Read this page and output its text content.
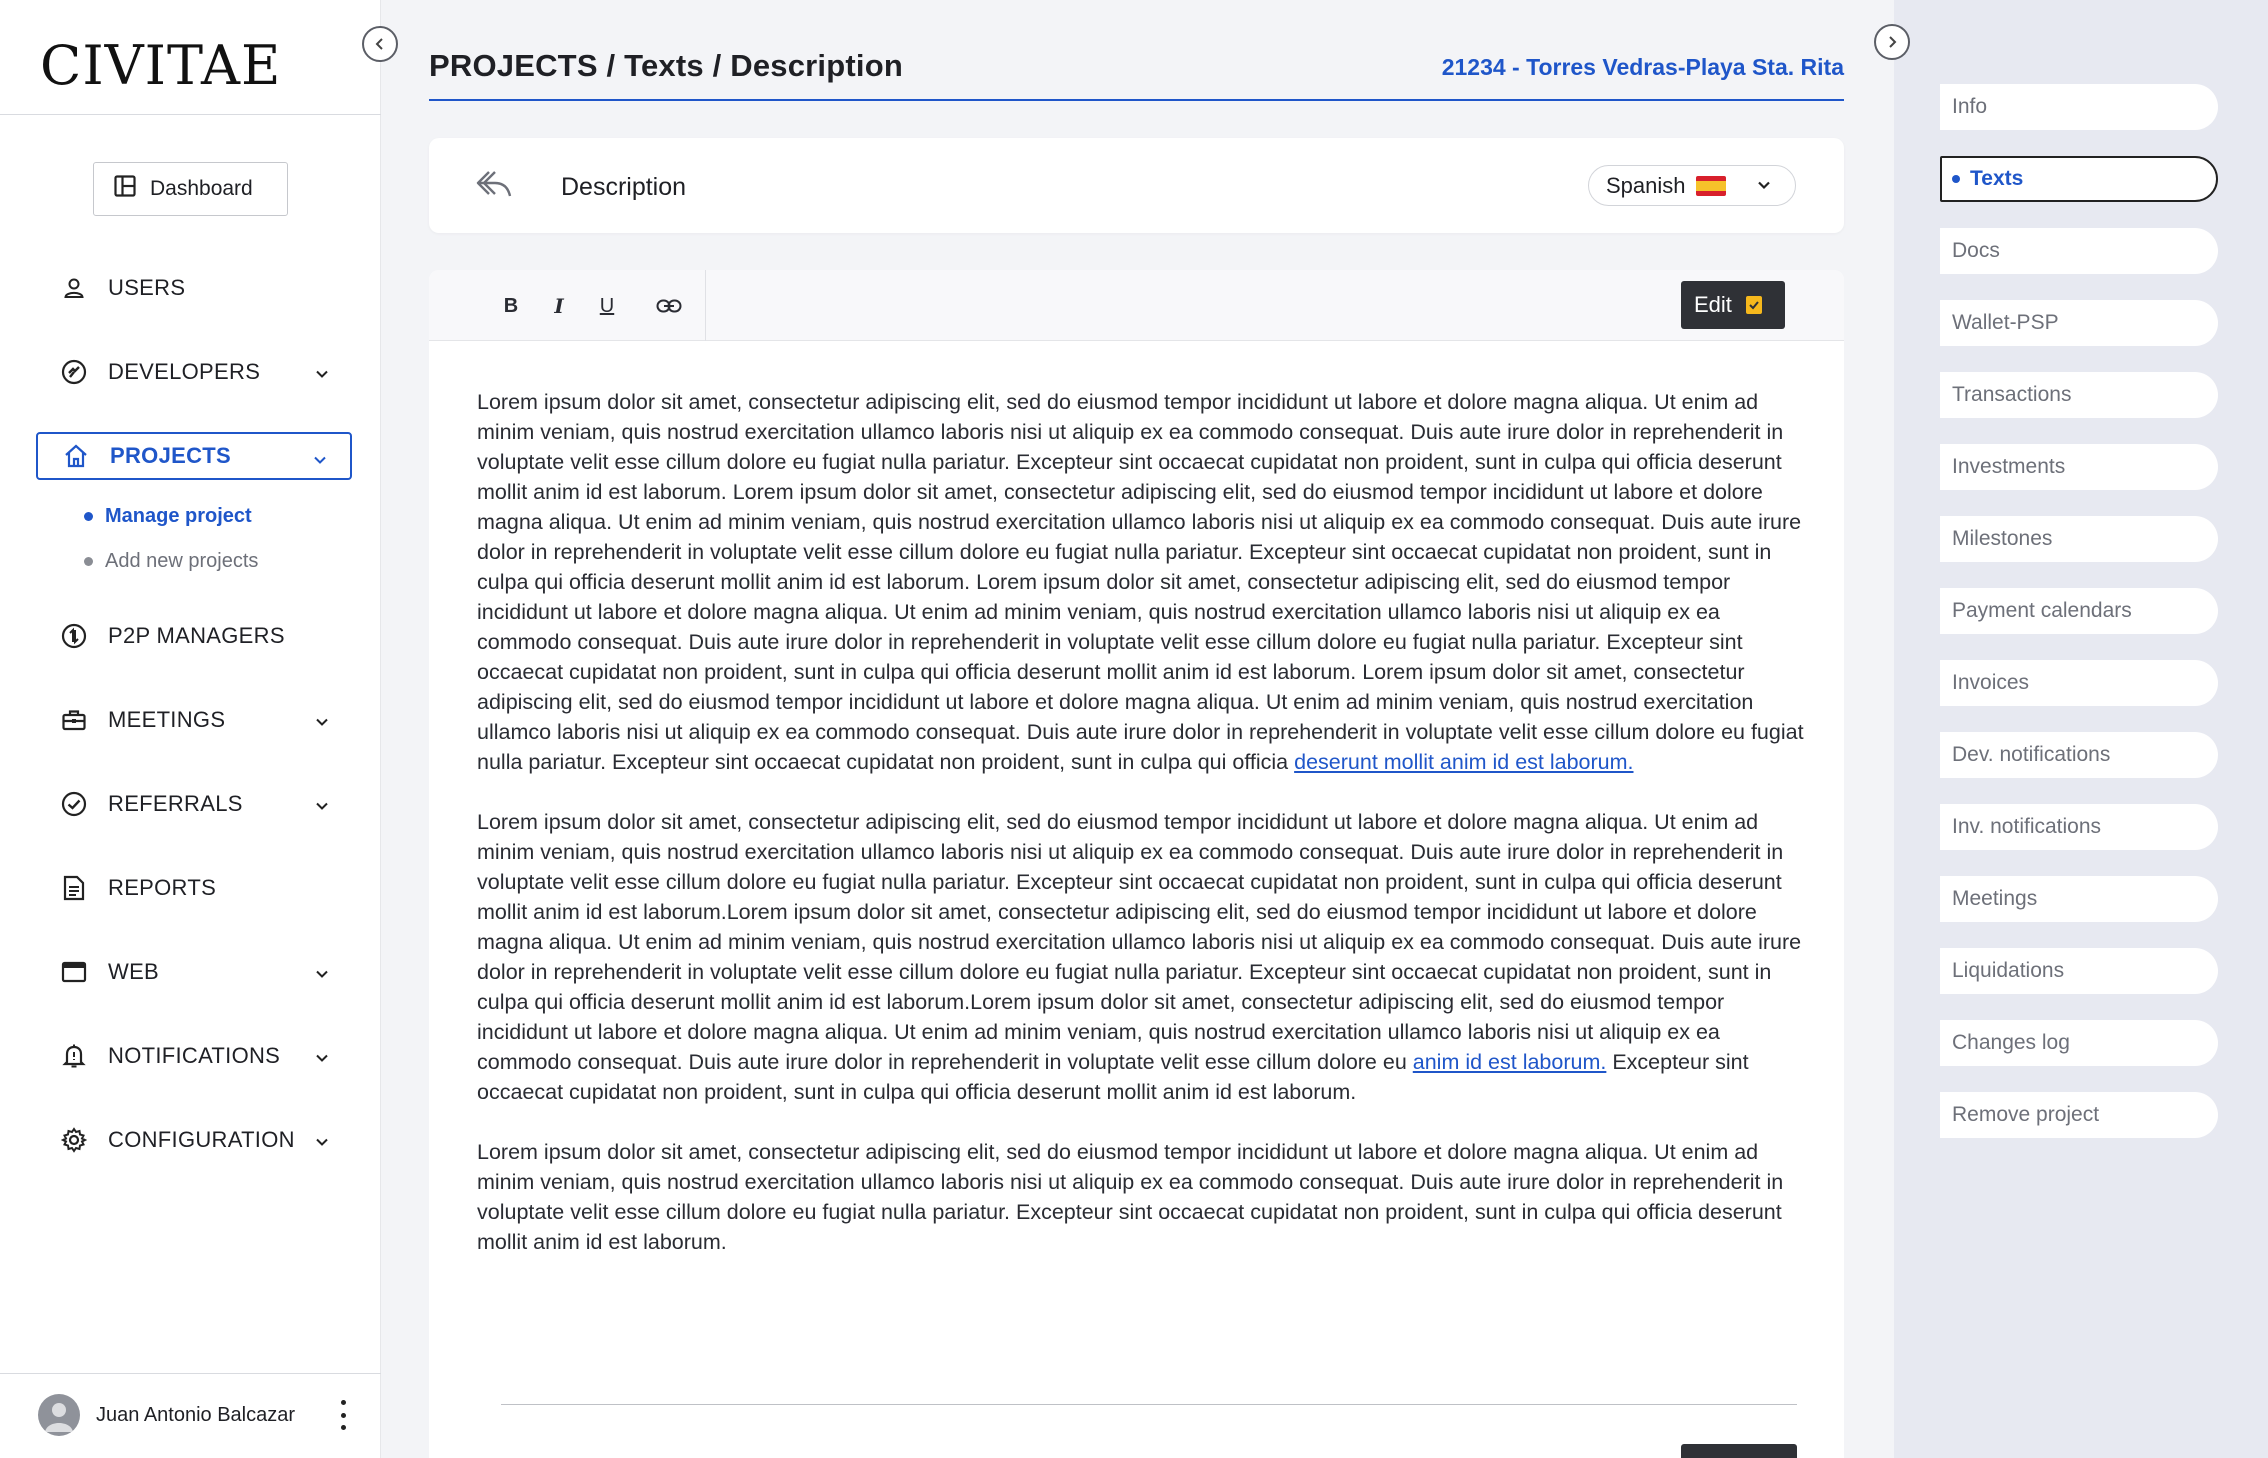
CIVITAE
Dashboard
USERS
DEVELOPERS
PROJECTS
Manage project
Add new projects
P2P MANAGERS
MEETINGS
REFERRALS
REPORTS
WEB
NOTIFICATIONS
CONFIGURATION
Juan Antonio Balcazar
PROJECTS / Texts / Description	21234 - Torres Vedras-Playa Sta. Rita
Description	Spanish
B I U	Edit

Lorem ipsum dolor sit amet, consectetur adipiscing elit, sed do eiusmod tempor incididunt ut labore et dolore magna aliqua. Ut enim ad minim veniam, quis nostrud exercitation ullamco laboris nisi ut aliquip ex ea commodo consequat. Duis aute irure dolor in reprehenderit in voluptate velit esse cillum dolore eu fugiat nulla pariatur. Excepteur sint occaecat cupidatat non proident, sunt in culpa qui officia deserunt mollit anim id est laborum. Lorem ipsum dolor sit amet, consectetur adipiscing elit, sed do eiusmod tempor incididunt ut labore et dolore magna aliqua. Ut enim ad minim veniam, quis nostrud exercitation ullamco laboris nisi ut aliquip ex ea commodo consequat. Duis aute irure dolor in reprehenderit in voluptate velit esse cillum dolore eu fugiat nulla pariatur. Excepteur sint occaecat cupidatat non proident, sunt in culpa qui officia deserunt mollit anim id est laborum. Lorem ipsum dolor sit amet, consectetur adipiscing elit, sed do eiusmod tempor incididunt ut labore et dolore magna aliqua. Ut enim ad minim veniam, quis nostrud exercitation ullamco laboris nisi ut aliquip ex ea commodo consequat. Duis aute irure dolor in reprehenderit in voluptate velit esse cillum dolore eu fugiat nulla pariatur. Excepteur sint occaecat cupidatat non proident, sunt in culpa qui officia deserunt mollit anim id est laborum. Lorem ipsum dolor sit amet, consectetur adipiscing elit, sed do eiusmod tempor incididunt ut labore et dolore magna aliqua. Ut enim ad minim veniam, quis nostrud exercitation ullamco laboris nisi ut aliquip ex ea commodo consequat. Duis aute irure dolor in reprehenderit in voluptate velit esse cillum dolore eu fugiat nulla pariatur. Excepteur sint occaecat cupidatat non proident, sunt in culpa qui officia deserunt mollit anim id est laborum.

Lorem ipsum dolor sit amet, consectetur adipiscing elit, sed do eiusmod tempor incididunt ut labore et dolore magna aliqua. Ut enim ad minim veniam, quis nostrud exercitation ullamco laboris nisi ut aliquip ex ea commodo consequat. Duis aute irure dolor in reprehenderit in voluptate velit esse cillum dolore eu fugiat nulla pariatur. Excepteur sint occaecat cupidatat non proident, sunt in culpa qui officia deserunt mollit anim id est laborum.Lorem ipsum dolor sit amet, consectetur adipiscing elit, sed do eiusmod tempor incididunt ut labore et dolore magna aliqua. Ut enim ad minim veniam, quis nostrud exercitation ullamco laboris nisi ut aliquip ex ea commodo consequat. Duis aute irure dolor in reprehenderit in voluptate velit esse cillum dolore eu fugiat nulla pariatur. Excepteur sint occaecat cupidatat non proident, sunt in culpa qui officia deserunt mollit anim id est laborum.Lorem ipsum dolor sit amet, consectetur adipiscing elit, sed do eiusmod tempor incididunt ut labore et dolore magna aliqua. Ut enim ad minim veniam, quis nostrud exercitation ullamco laboris nisi ut aliquip ex ea commodo consequat. Duis aute irure dolor in reprehenderit in voluptate velit esse cillum dolore eu anim id est laborum. Excepteur sint occaecat cupidatat non proident, sunt in culpa qui officia deserunt mollit anim id est laborum.

Lorem ipsum dolor sit amet, consectetur adipiscing elit, sed do eiusmod tempor incididunt ut labore et dolore magna aliqua. Ut enim ad minim veniam, quis nostrud exercitation ullamco laboris nisi ut aliquip ex ea commodo consequat. Duis aute irure dolor in reprehenderit in voluptate velit esse cillum dolore eu fugiat nulla pariatur. Excepteur sint occaecat cupidatat non proident, sunt in culpa qui officia deserunt mollit anim id est laborum.

Info
Texts
Docs
Wallet-PSP
Transactions
Investments
Milestones
Payment calendars
Invoices
Dev. notifications
Inv. notifications
Meetings
Liquidations
Changes log
Remove project
